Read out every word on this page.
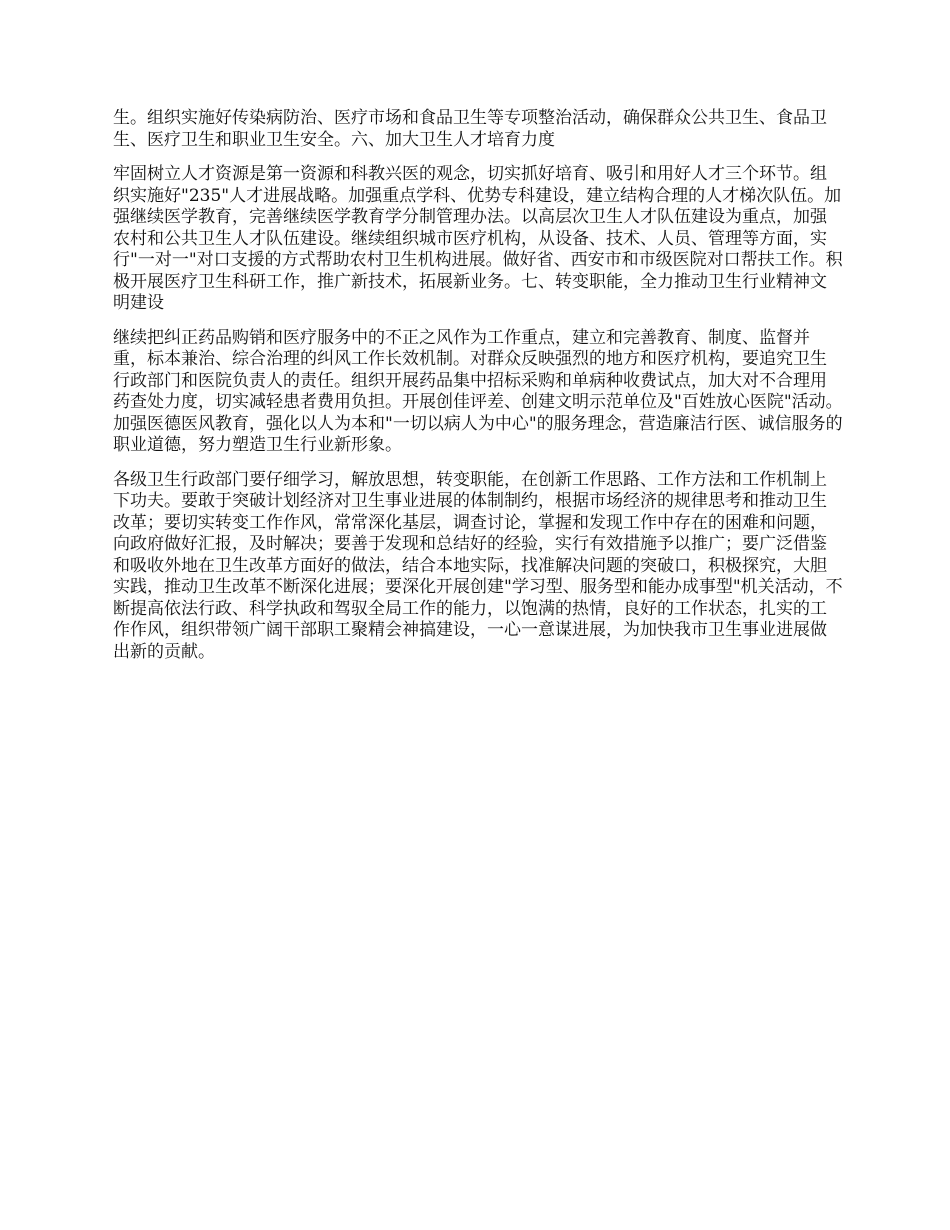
生。组织实施好传染病防治、医疗市场和食品卫生等专项整治活动，确保群众公共卫生、食品卫生、医疗卫生和职业卫生安全。六、加大卫生人才培育力度

牢固树立人才资源是第一资源和科教兴医的观念，切实抓好培育、吸引和用好人才三个环节。组织实施好"235"人才进展战略。加强重点学科、优势专科建设，建立结构合理的人才梯次队伍。加强继续医学教育，完善继续医学教育学分制管理办法。以高层次卫生人才队伍建设为重点，加强农村和公共卫生人才队伍建设。继续组织城市医疗机构，从设备、技术、人员、管理等方面，实行"一对一"对口支援的方式帮助农村卫生机构进展。做好省、西安市和市级医院对口帮扶工作。积极开展医疗卫生科研工作，推广新技术，拓展新业务。七、转变职能，全力推动卫生行业精神文明建设

继续把纠正药品购销和医疗服务中的不正之风作为工作重点，建立和完善教育、制度、监督并重，标本兼治、综合治理的纠风工作长效机制。对群众反映强烈的地方和医疗机构，要追究卫生行政部门和医院负责人的责任。组织开展药品集中招标采购和单病种收费试点，加大对不合理用药查处力度，切实减轻患者费用负担。开展创佳评差、创建文明示范单位及"百姓放心医院"活动。加强医德医风教育，强化以人为本和"一切以病人为中心"的服务理念，营造廉洁行医、诚信服务的职业道德，努力塑造卫生行业新形象。

各级卫生行政部门要仔细学习，解放思想，转变职能，在创新工作思路、工作方法和工作机制上下功夫。要敢于突破计划经济对卫生事业进展的体制制约，根据市场经济的规律思考和推动卫生改革；要切实转变工作作风，常常深化基层，调查讨论，掌握和发现工作中存在的困难和问题，向政府做好汇报，及时解决；要善于发现和总结好的经验，实行有效措施予以推广；要广泛借鉴和吸收外地在卫生改革方面好的做法，结合本地实际，找准解决问题的突破口，积极探究，大胆实践，推动卫生改革不断深化进展；要深化开展创建"学习型、服务型和能办成事型"机关活动，不断提高依法行政、科学执政和驾驭全局工作的能力，以饱满的热情，良好的工作状态，扎实的工作作风，组织带领广阔干部职工聚精会神搞建设，一心一意谋进展，为加快我市卫生事业进展做出新的贡献。
